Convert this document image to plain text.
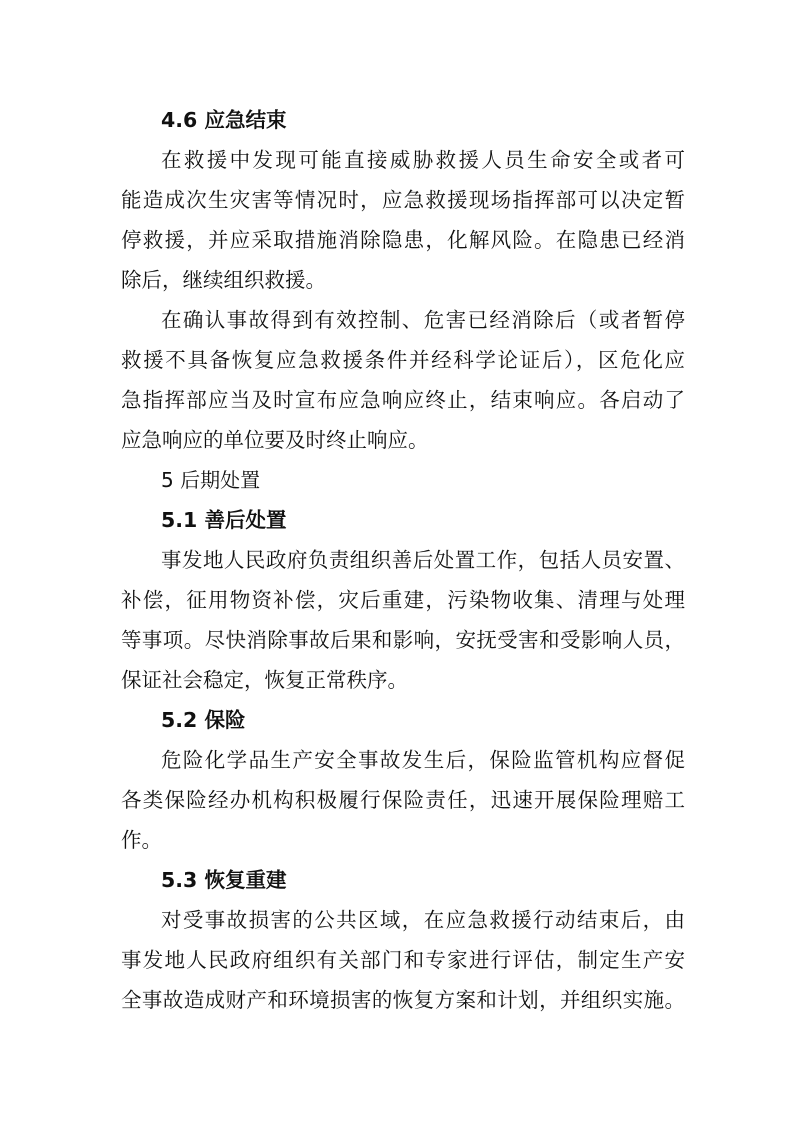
4.6 应急结束
在救援中发现可能直接威胁救援人员生命安全或者可
能造成次生灾害等情况时，应急救援现场指挥部可以决定暂
停救援，并应采取措施消除隐患，化解风险。在隐患已经消
除后，继续组织救援。
在确认事故得到有效控制、危害已经消除后（或者暂停
救援不具备恢复应急救援条件并经科学论证后），区危化应
急指挥部应当及时宣布应急响应终止，结束响应。各启动了
应急响应的单位要及时终止响应。
5 后期处置
5.1 善后处置
事发地人民政府负责组织善后处置工作，包括人员安置、
补偿，征用物资补偿，灾后重建，污染物收集、清理与处理
等事项。尽快消除事故后果和影响，安抚受害和受影响人员，
保证社会稳定，恢复正常秩序。
5.2 保险
危险化学品生产安全事故发生后，保险监管机构应督促
各类保险经办机构积极履行保险责任，迅速开展保险理赔工
作。
5.3 恢复重建
对受事故损害的公共区域，在应急救援行动结束后，由
事发地人民政府组织有关部门和专家进行评估，制定生产安
全事故造成财产和环境损害的恢复方案和计划，并组织实施。
